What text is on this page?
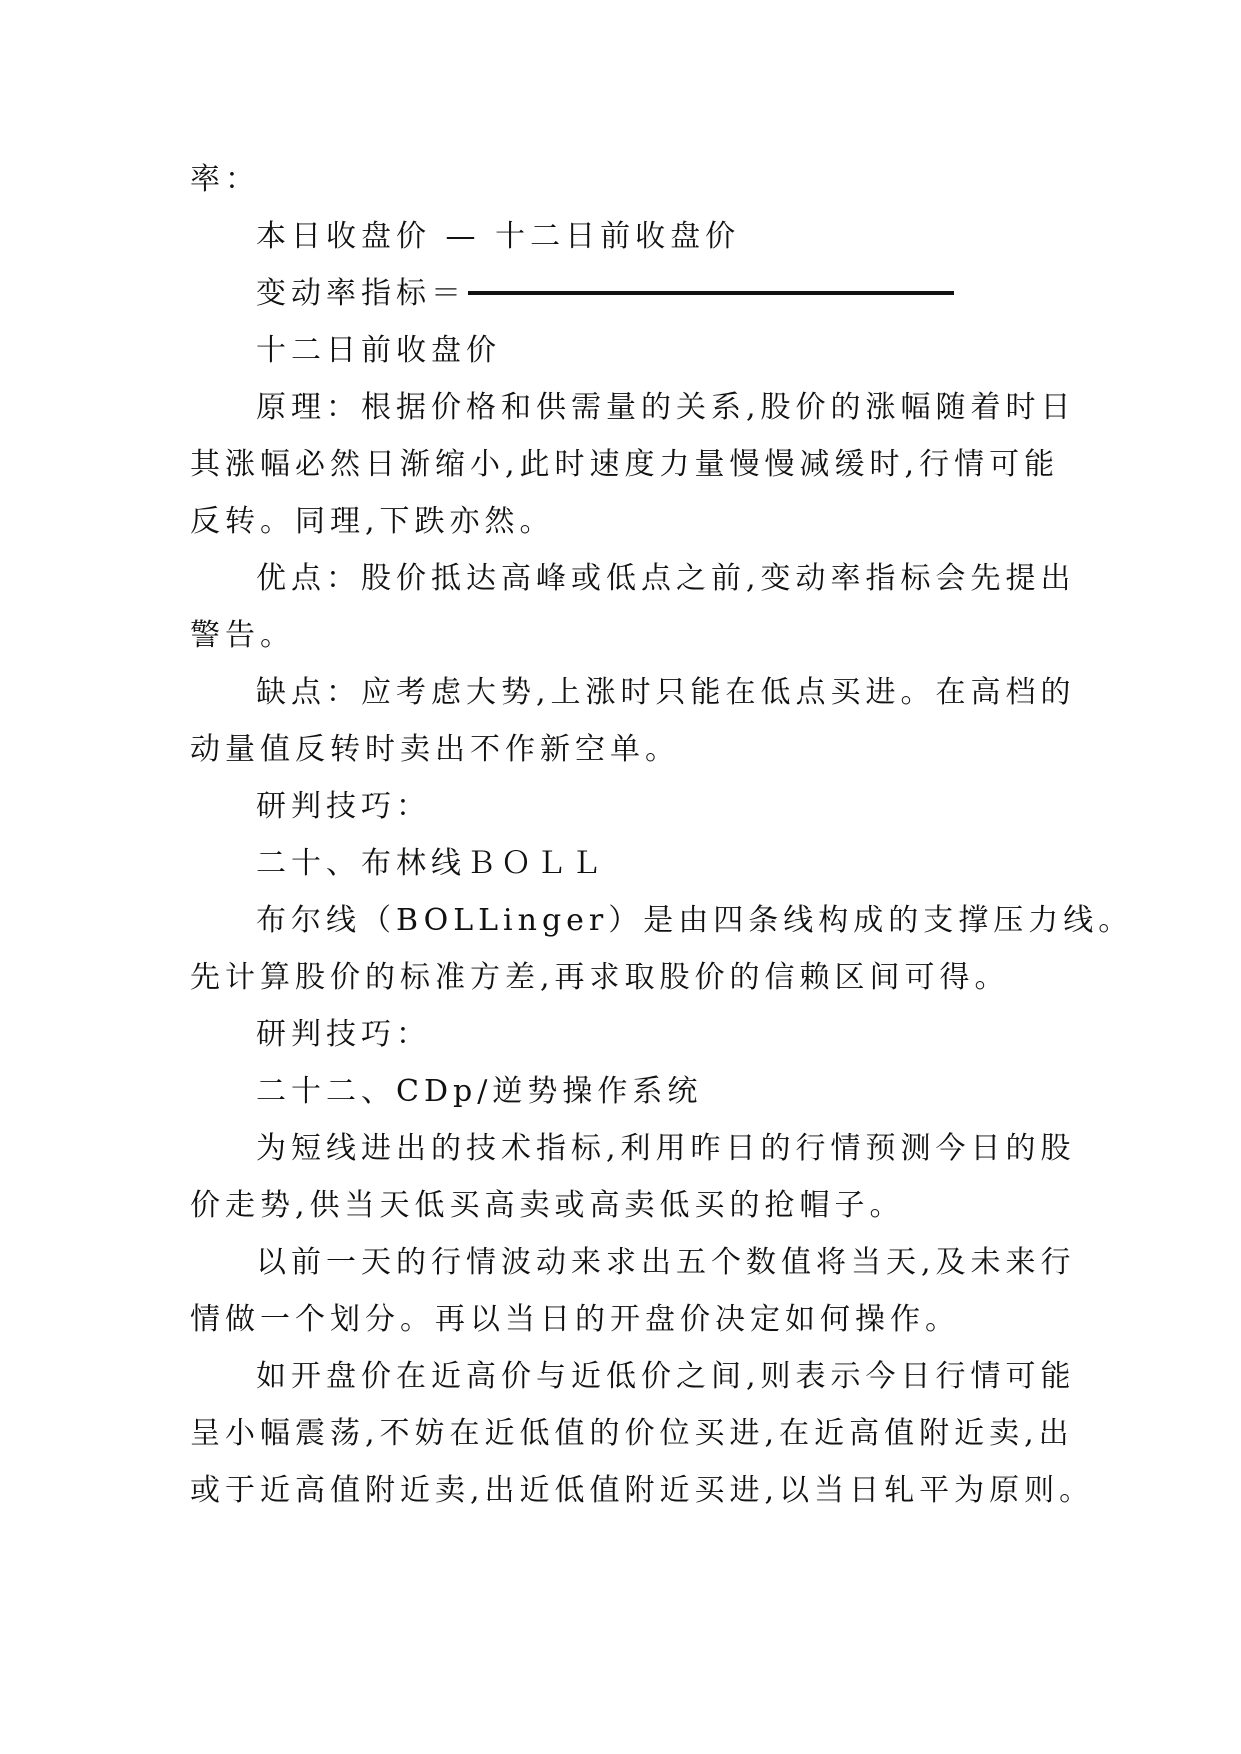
率：
本日收盘价 — 十二日前收盘价
变动率指标＝
十二日前收盘价
原理：根据价格和供需量的关系,股价的涨幅随着时日
其涨幅必然日渐缩小,此时速度力量慢慢减缓时,行情可能
反转。同理,下跌亦然。
优点：股价抵达高峰或低点之前,变动率指标会先提出
警告。
缺点：应考虑大势,上涨时只能在低点买进。在高档的
动量值反转时卖出不作新空单。
研判技巧：
二十、布林线ＢＯＬＬ
布尔线（BOLLinger）是由四条线构成的支撑压力线。
先计算股价的标准方差,再求取股价的信赖区间可得。
研判技巧：
二十二、CDp/逆势操作系统
为短线进出的技术指标,利用昨日的行情预测今日的股
价走势,供当天低买高卖或高卖低买的抢帽子。
以前一天的行情波动来求出五个数值将当天,及未来行
情做一个划分。再以当日的开盘价决定如何操作。
如开盘价在近高价与近低价之间,则表示今日行情可能
呈小幅震荡,不妨在近低值的价位买进,在近高值附近卖,出
或于近高值附近卖,出近低值附近买进,以当日轧平为原则。
